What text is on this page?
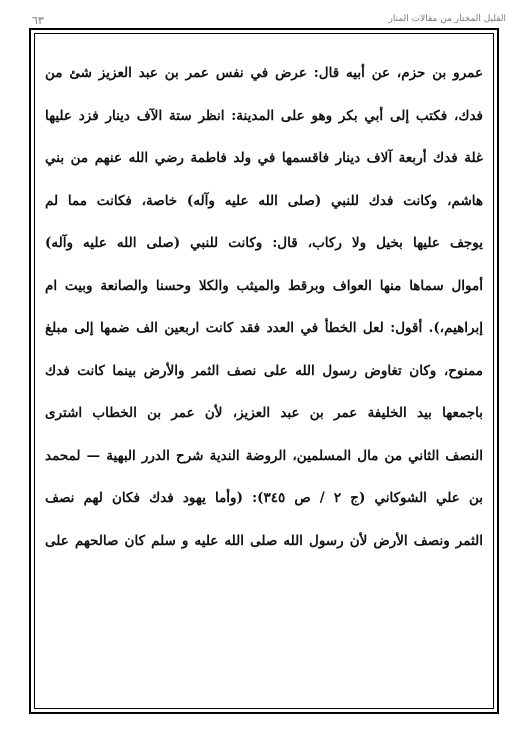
القليل المختار من مقالات المنار
٦٣
عمرو بن حزم، عن أبيه قال: عرض في نفس عمر بن عبد العزيز شئ من
فدك، فكتب إلى أبي بكر وهو على المدينة: انظر ستة الآف دينار فزد عليها
غلة فدك أربعة آلاف دينار فاقسمها في ولد فاطمة رضي الله عنهم من بني
هاشم، وكانت فدك للنبي (صلى الله عليه وآله) خاصة، فكانت مما لم
يوجف عليها بخيل ولا ركاب، قال: وكانت للنبي (صلى الله عليه وآله)
أموال سماها منها العواف وبرقط والميثب والكلا وحسنا والصانعة وبيت ام
إبراهيم،). أقول: لعل الخطأ في العدد فقد كانت اربعين الف ضمها إلى مبلغ
ممنوح، وكان تغاوض رسول الله على نصف الثمر والأرض بينما كانت فدك
باجمعها بيد الخليفة عمر بن عبد العزيز، لأن عمر بن الخطاب اشترى
النصف الثاني من مال المسلمين، الروضة الندية شرح الدرر البهية — لمحمد
بن علي الشوكاني (ج ٢ / ص ٣٤٥): (وأما يهود فدك فكان لهم نصف
الثمر ونصف الأرض لأن رسول الله صلى الله عليه و سلم كان صالحهم على
